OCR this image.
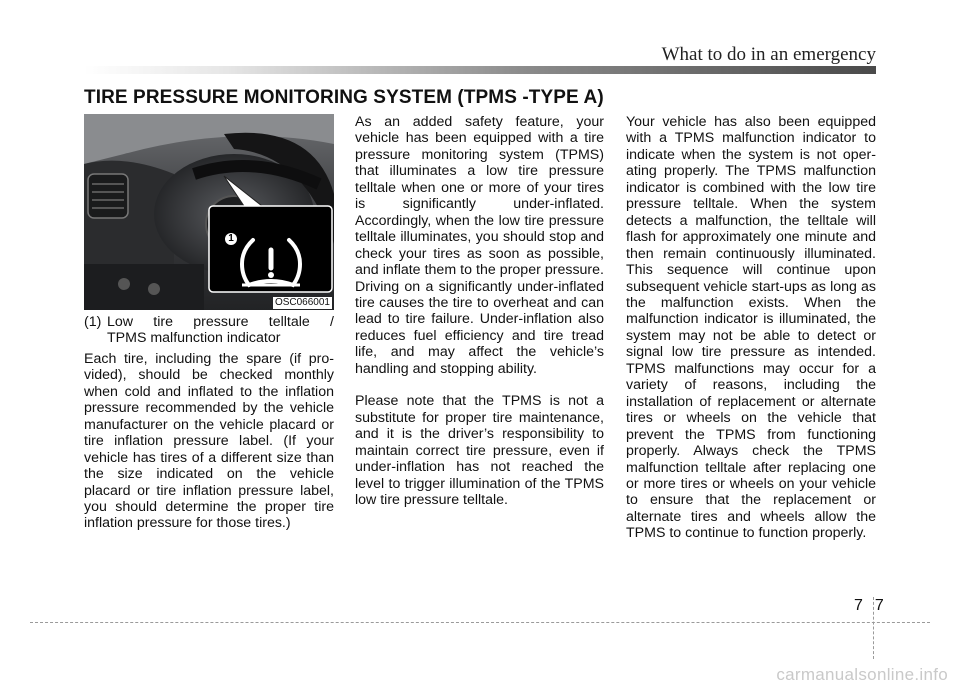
What to do in an emergency
TIRE PRESSURE MONITORING SYSTEM (TPMS -TYPE A)
1
OSC066001

(1) Low tire pressure telltale /
TPMS malfunction indicator

Each tire, including the spare (if provided), should be checked monthly when cold and inflated to the inflation pressure recommended by the vehicle manufacturer on the vehicle placard or tire inflation pressure label. (If your vehicle has tires of a different size than the size indicated on the vehicle placard or tire inflation pressure label, you should determine the proper tire inflation pressure for those tires.)

As an added safety feature, your vehicle has been equipped with a tire pressure monitoring system (TPMS) that illuminates a low tire pressure telltale when one or more of your tires is significantly under-inflated. Accordingly, when the low tire pressure telltale illuminates, you should stop and check your tires as soon as possible, and inflate them to the proper pressure. Driving on a significantly under-inflated tire causes the tire to overheat and can lead to tire failure. Under-inflation also reduces fuel efficiency and tire tread life, and may affect the vehicle’s handling and stopping ability.

Please note that the TPMS is not a substitute for proper tire maintenance, and it is the driver’s responsibility to maintain correct tire pressure, even if under-inflation has not reached the level to trigger illumination of the TPMS low tire pressure telltale.

Your vehicle has also been equipped with a TPMS malfunction indicator to indicate when the system is not operating properly. The TPMS malfunction indicator is combined with the low tire pressure telltale. When the system detects a malfunction, the telltale will flash for approximately one minute and then remain continuously illuminated. This sequence will continue upon subsequent vehicle start-ups as long as the malfunction exists. When the malfunction indicator is illuminated, the system may not be able to detect or signal low tire pressure as intended. TPMS malfunctions may occur for a variety of reasons, including the installation of replacement or alternate tires or wheels on the vehicle that prevent the TPMS from functioning properly. Always check the TPMS malfunction telltale after replacing one or more tires or wheels on your vehicle to ensure that the replacement or alternate tires and wheels allow the TPMS to continue to function properly.

7 7
carmanualsonline.info
